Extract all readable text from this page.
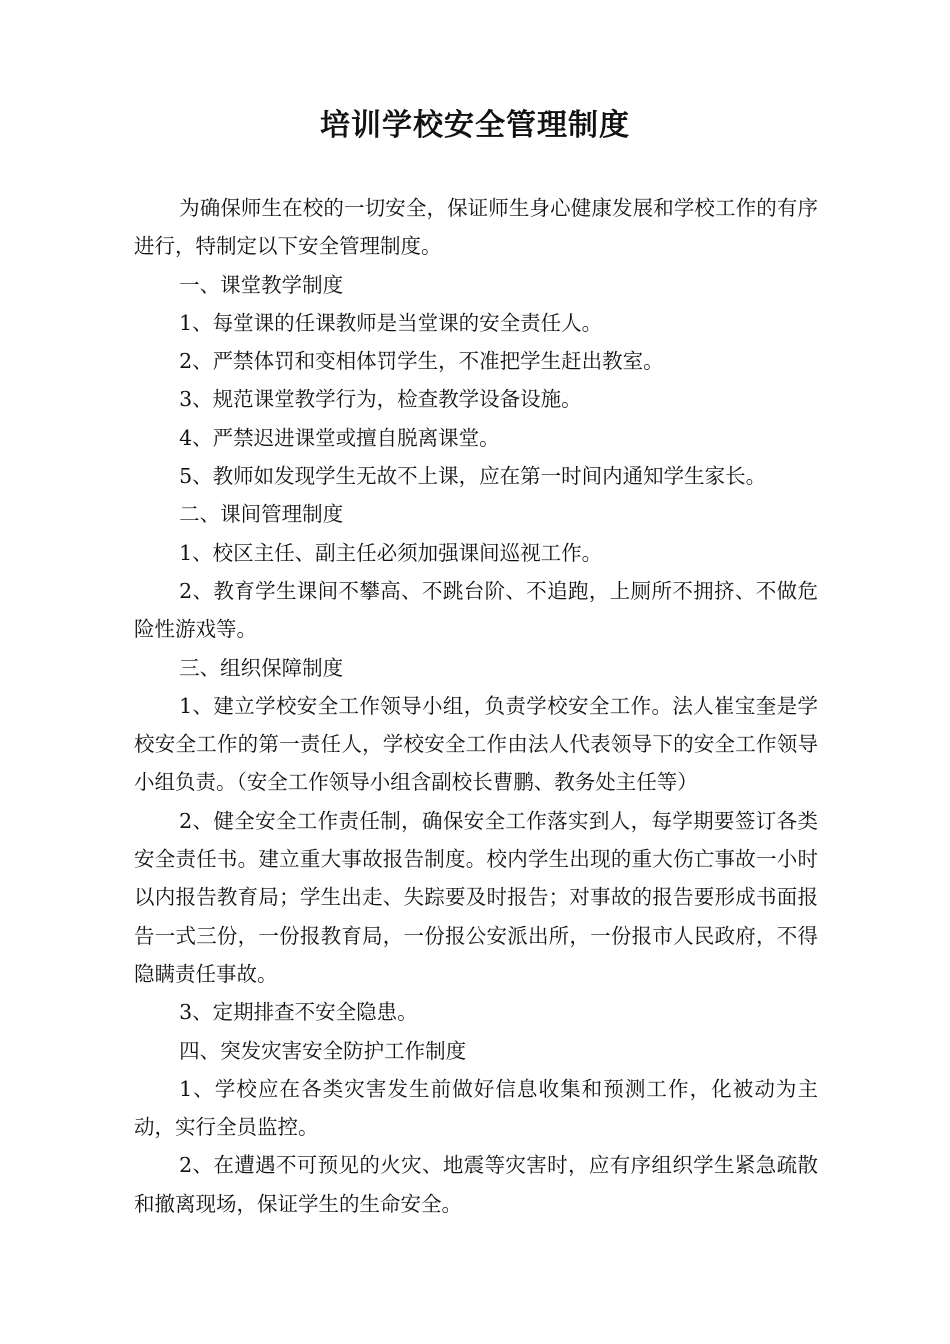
培训学校安全管理制度

为确保师生在校的一切安全，保证师生身心健康发展和学校工作的有序进行，特制定以下安全管理制度。

一、课堂教学制度

1、每堂课的任课教师是当堂课的安全责任人。

2、严禁体罚和变相体罚学生，不准把学生赶出教室。

3、规范课堂教学行为，检查教学设备设施。

4、严禁迟进课堂或擅自脱离课堂。

5、教师如发现学生无故不上课，应在第一时间内通知学生家长。

二、课间管理制度

1、校区主任、副主任必须加强课间巡视工作。

2、教育学生课间不攀高、不跳台阶、不追跑，上厕所不拥挤、不做危险性游戏等。

三、组织保障制度

1、建立学校安全工作领导小组，负责学校安全工作。法人崔宝奎是学校安全工作的第一责任人，学校安全工作由法人代表领导下的安全工作领导小组负责。（安全工作领导小组含副校长曹鹏、教务处主任等）

2、健全安全工作责任制，确保安全工作落实到人，每学期要签订各类安全责任书。建立重大事故报告制度。校内学生出现的重大伤亡事故一小时以内报告教育局；学生出走、失踪要及时报告；对事故的报告要形成书面报告一式三份，一份报教育局，一份报公安派出所，一份报市人民政府，不得隐瞒责任事故。

3、定期排查不安全隐患。

四、突发灾害安全防护工作制度

1、学校应在各类灾害发生前做好信息收集和预测工作，化被动为主动，实行全员监控。

2、在遭遇不可预见的火灾、地震等灾害时，应有序组织学生紧急疏散和撤离现场，保证学生的生命安全。
